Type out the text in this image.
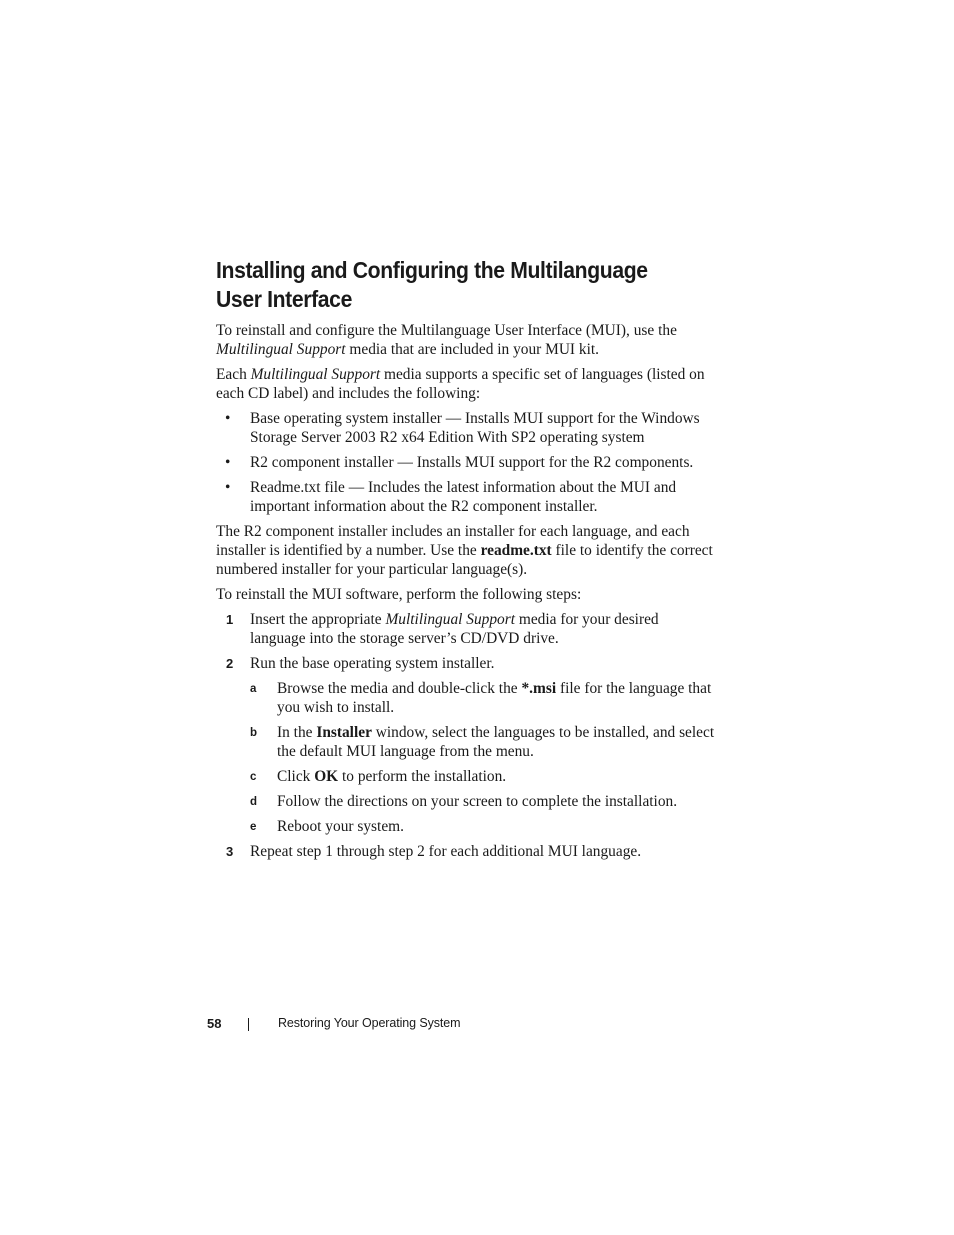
Installing and Configuring the Multilanguage User Interface

To reinstall and configure the Multilanguage User Interface (MUI), use the Multilingual Support media that are included in your MUI kit.

Each Multilingual Support media supports a specific set of languages (listed on each CD label) and includes the following:

• Base operating system installer — Installs MUI support for the Windows Storage Server 2003 R2 x64 Edition With SP2 operating system
• R2 component installer — Installs MUI support for the R2 components.
• Readme.txt file — Includes the latest information about the MUI and important information about the R2 component installer.

The R2 component installer includes an installer for each language, and each installer is identified by a number. Use the readme.txt file to identify the correct numbered installer for your particular language(s).

To reinstall the MUI software, perform the following steps:

1 Insert the appropriate Multilingual Support media for your desired language into the storage server’s CD/DVD drive.
2 Run the base operating system installer.
a Browse the media and double-click the *.msi file for the language that you wish to install.
b In the Installer window, select the languages to be installed, and select the default MUI language from the menu.
c Click OK to perform the installation.
d Follow the directions on your screen to complete the installation.
e Reboot your system.
3 Repeat step 1 through step 2 for each additional MUI language.
58	Restoring Your Operating System
